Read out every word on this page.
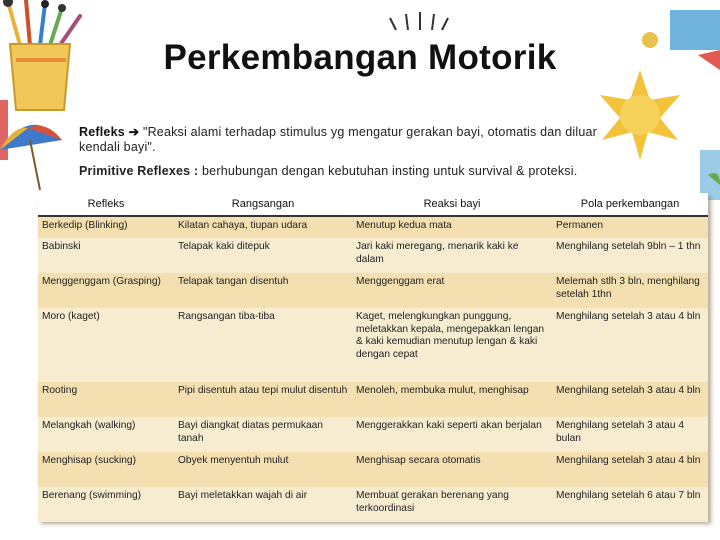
Perkembangan Motorik
Refleks ➔ "Reaksi alami terhadap stimulus yg mengatur gerakan bayi, otomatis dan diluar kendali bayi".
Primitive Reflexes : berhubungan dengan kebutuhan insting untuk survival & proteksi.
Refleks	Rangsangan	Reaksi bayi	Pola perkembangan
Berkedip (Blinking)	Kilatan cahaya, tiupan udara	Menutup kedua mata	Permanen
Babinski	Telapak kaki ditepuk	Jari kaki meregang, menarik kaki ke dalam	Menghilang setelah 9bln – 1 thn
Menggenggam (Grasping)	Telapak tangan disentuh	Menggenggam erat	Melemah stlh 3 bln, menghilang setelah 1thn
Moro (kaget)	Rangsangan tiba-tiba	Kaget, melengkungkan punggung, meletakkan kepala, mengepakkan lengan & kaki kemudian menutup lengan & kaki dengan cepat	Menghilang setelah 3 atau 4 bln
Rooting	Pipi disentuh atau tepi mulut disentuh	Menoleh, membuka mulut, menghisap	Menghilang setelah 3 atau 4 bln
Melangkah (walking)	Bayi diangkat diatas permukaan tanah	Menggerakkan kaki seperti akan berjalan	Menghilang setelah 3 atau 4 bulan
Menghisap (sucking)	Obyek menyentuh mulut	Menghisap secara otomatis	Menghilang setelah 3 atau 4 bln
Berenang (swimming)	Bayi meletakkan wajah di air	Membuat gerakan berenang yang terkoordinasi	Menghilang setelah 6 atau 7 bln
